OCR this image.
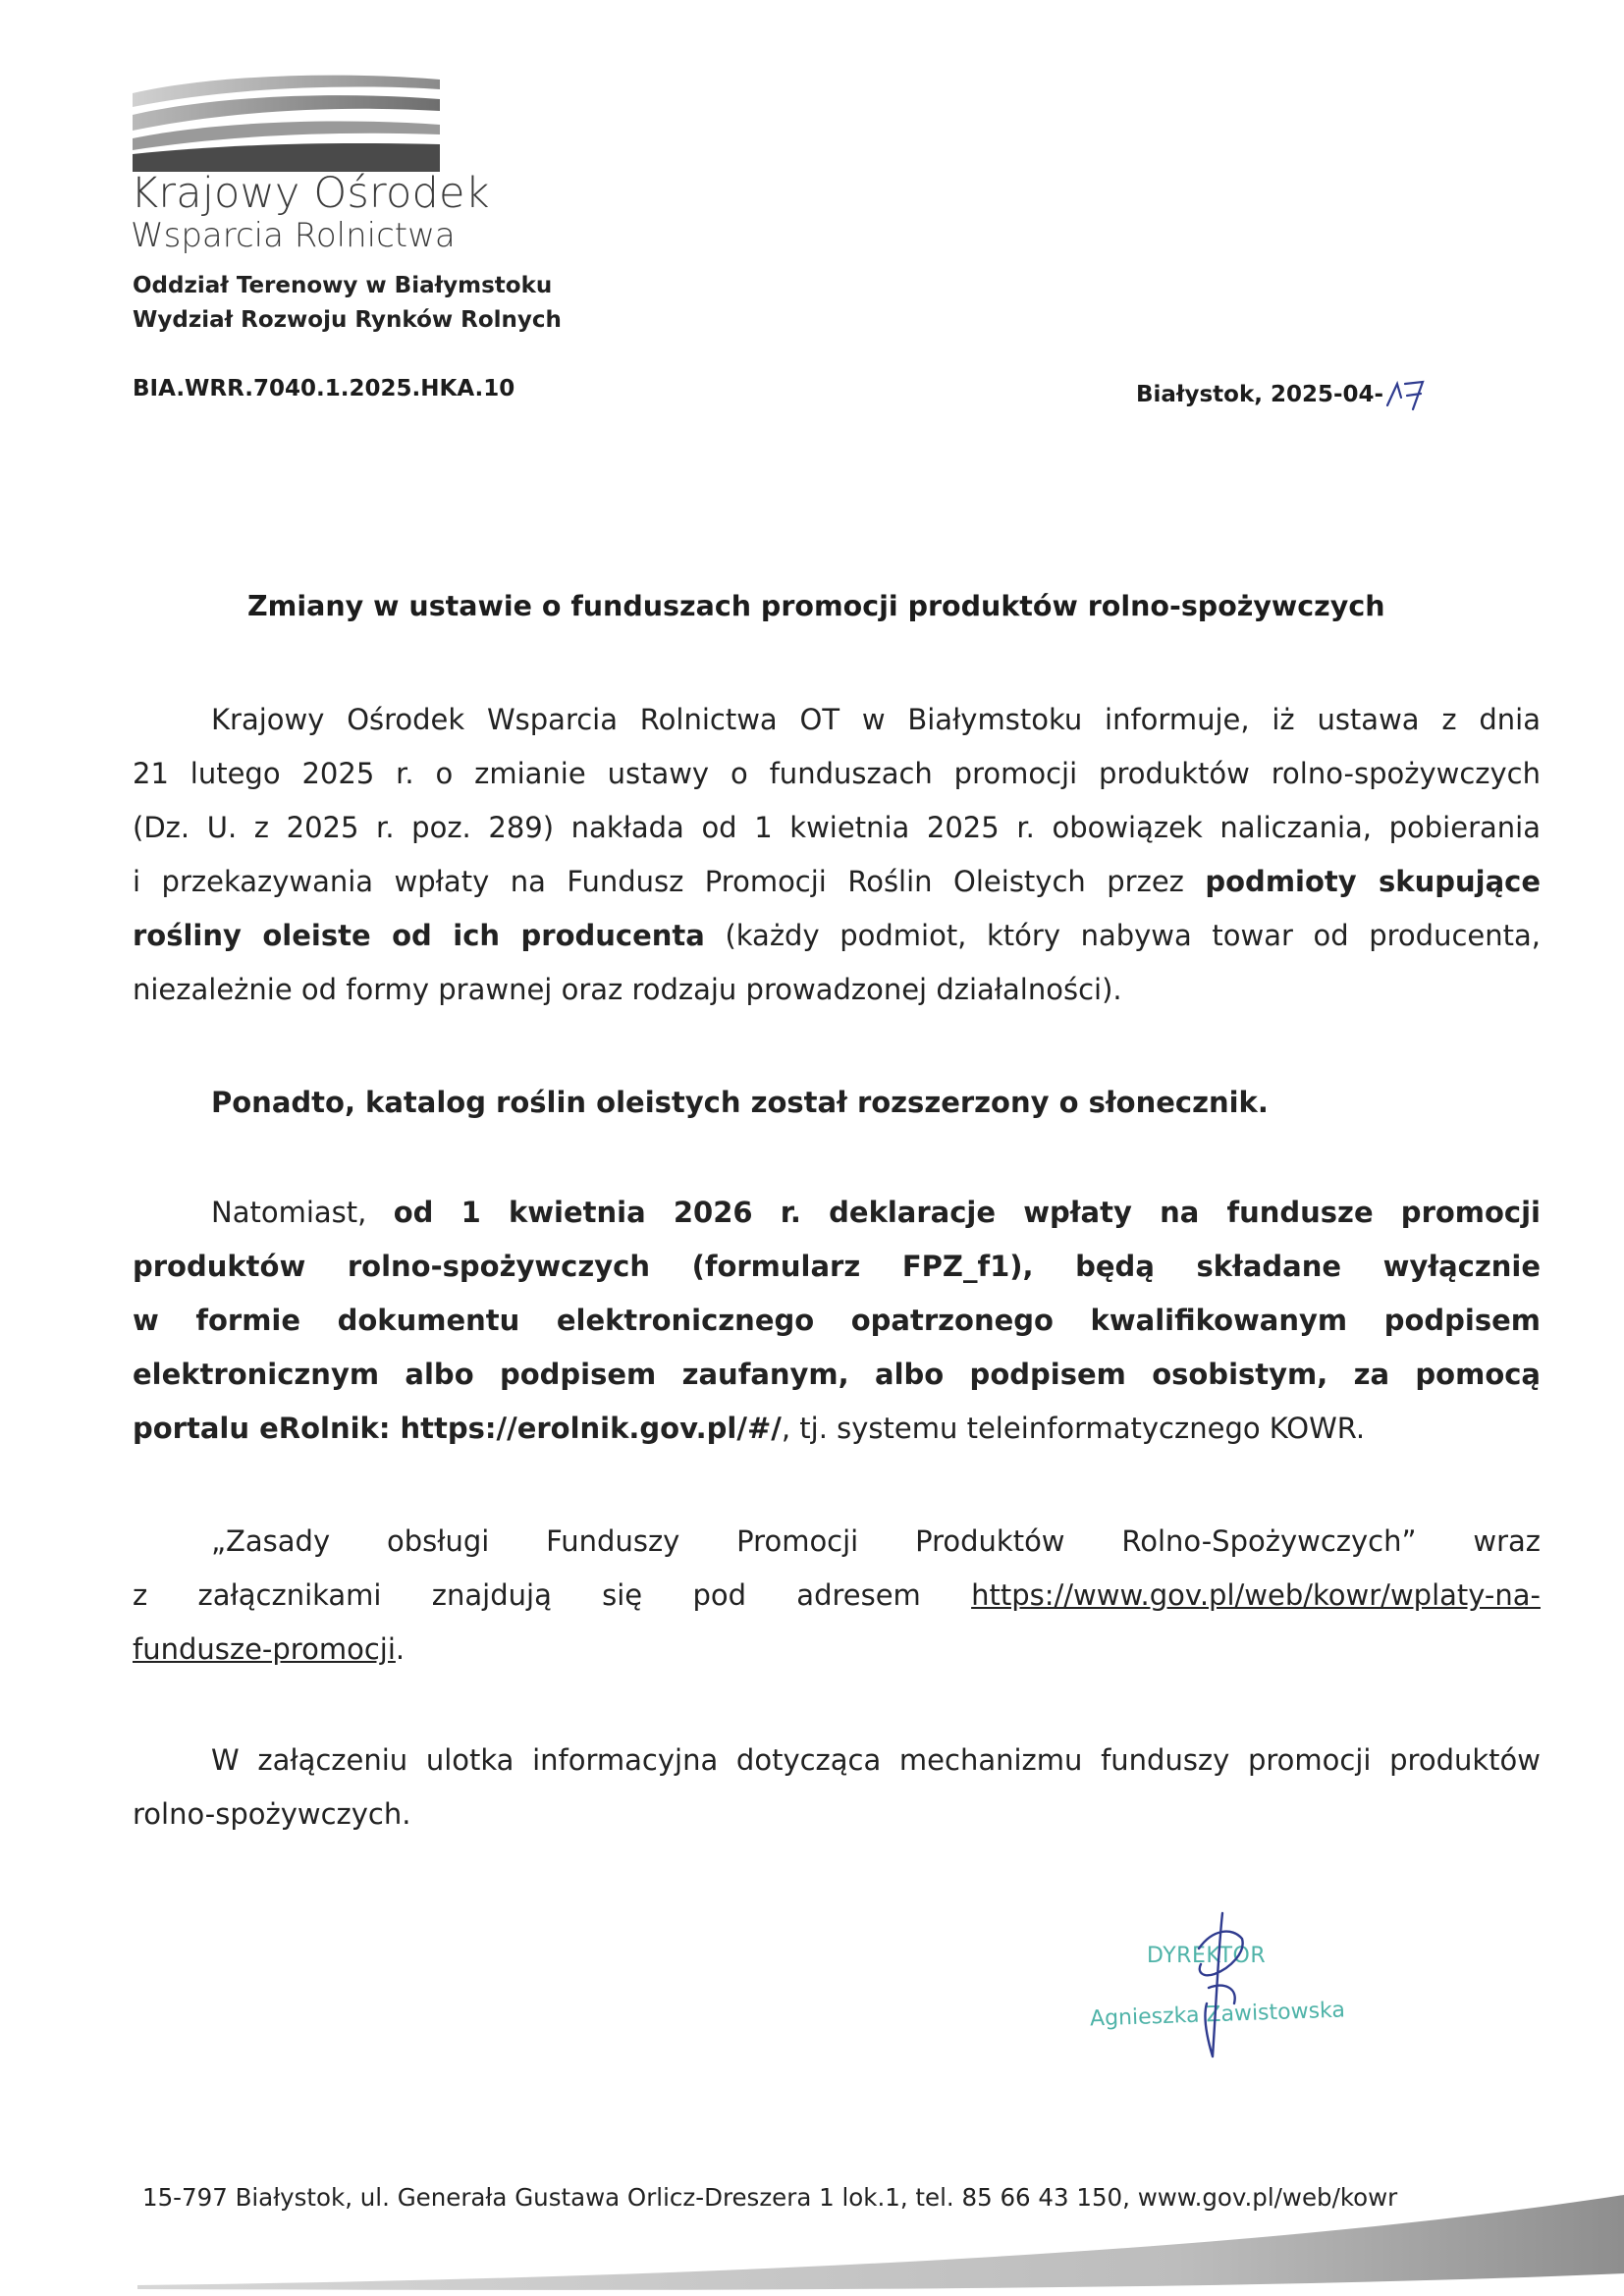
Krajowy Ośrodek
Wsparcia Rolnictwa
Oddział Terenowy w Białymstoku
Wydział Rozwoju Rynków Rolnych
BIA.WRR.7040.1.2025.HKA.10	Białystok, 2025-04-
Zmiany w ustawie o funduszach promocji produktów rolno-spożywczych
Krajowy Ośrodek Wsparcia Rolnictwa OT w Białymstoku informuje, iż ustawa z dnia
21 lutego 2025 r. o zmianie ustawy o funduszach promocji produktów rolno-spożywczych
(Dz. U. z 2025 r. poz. 289) nakłada od 1 kwietnia 2025 r. obowiązek naliczania, pobierania
i przekazywania wpłaty na Fundusz Promocji Roślin Oleistych przez podmioty skupujące
rośliny oleiste od ich producenta (każdy podmiot, który nabywa towar od producenta,
niezależnie od formy prawnej oraz rodzaju prowadzonej działalności).
Ponadto, katalog roślin oleistych został rozszerzony o słonecznik.
Natomiast, od 1 kwietnia 2026 r. deklaracje wpłaty na fundusze promocji
produktów rolno-spożywczych (formularz FPZ_f1), będą składane wyłącznie
w formie dokumentu elektronicznego opatrzonego kwalifikowanym podpisem
elektronicznym albo podpisem zaufanym, albo podpisem osobistym, za pomocą
portalu eRolnik: https://erolnik.gov.pl/#/, tj. systemu teleinformatycznego KOWR.
„Zasady obsługi Funduszy Promocji Produktów Rolno-Spożywczych” wraz
z załącznikami znajdują się pod adresem https://www.gov.pl/web/kowr/wplaty-na-
fundusze-promocji.
W załączeniu ulotka informacyjna dotycząca mechanizmu funduszy promocji produktów
rolno-spożywczych.
DYREKTOR
Agnieszka Zawistowska
15-797 Białystok, ul. Generała Gustawa Orlicz-Dreszera 1 lok.1, tel. 85 66 43 150, www.gov.pl/web/kowr
